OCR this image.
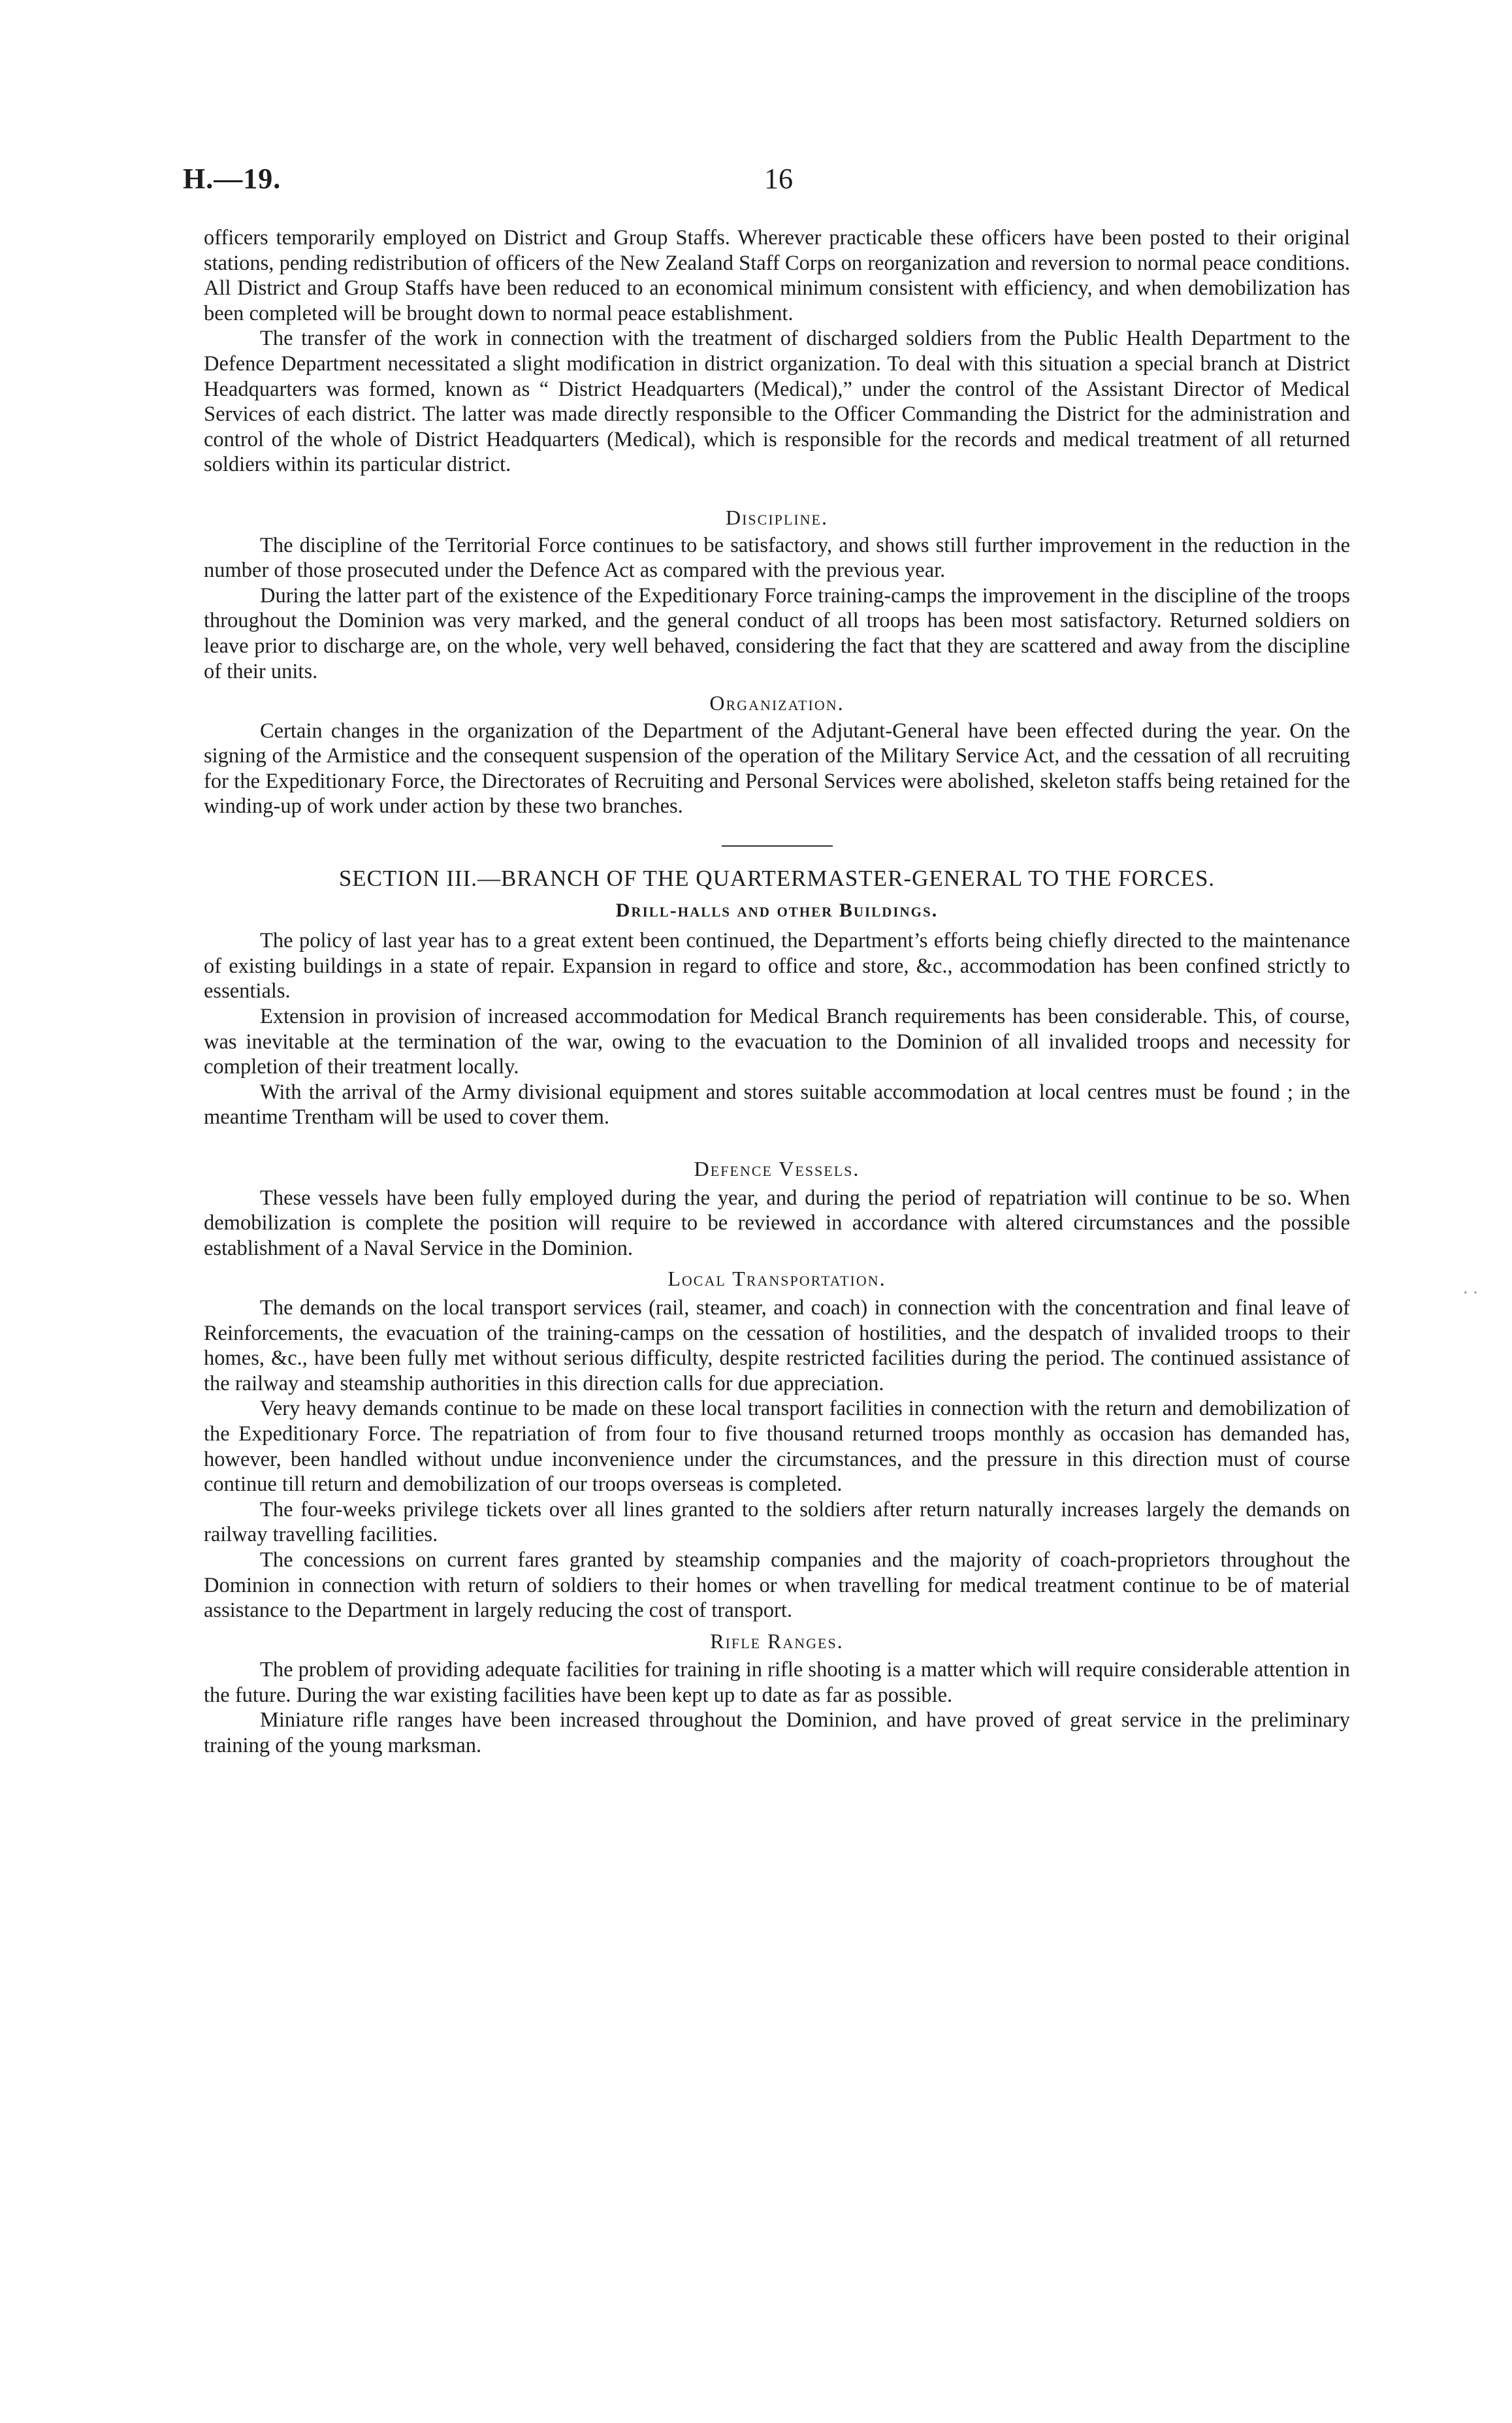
H.—19.	16
· ·

officers temporarily employed on District and Group Staffs. Wherever practicable these officers have been posted to their original stations, pending redistribution of officers of the New Zealand Staff Corps on reorganization and reversion to normal peace conditions. All District and Group Staffs have been reduced to an economical minimum consistent with efficiency, and when demobilization has been completed will be brought down to normal peace establishment.

The transfer of the work in connection with the treatment of discharged soldiers from the Public Health Department to the Defence Department necessitated a slight modification in district organization. To deal with this situation a special branch at District Headquarters was formed, known as “ District Headquarters (Medical),” under the control of the Assistant Director of Medical Services of each district. The latter was made directly responsible to the Officer Commanding the District for the administration and control of the whole of District Headquarters (Medical), which is responsible for the records and medical treatment of all returned soldiers within its particular district.

Discipline.

The discipline of the Territorial Force continues to be satisfactory, and shows still further improvement in the reduction in the number of those prosecuted under the Defence Act as compared with the previous year.

During the latter part of the existence of the Expeditionary Force training-camps the improvement in the discipline of the troops throughout the Dominion was very marked, and the general conduct of all troops has been most satisfactory. Returned soldiers on leave prior to discharge are, on the whole, very well behaved, considering the fact that they are scattered and away from the discipline of their units.

Organization.

Certain changes in the organization of the Department of the Adjutant-General have been effected during the year. On the signing of the Armistice and the consequent suspension of the operation of the Military Service Act, and the cessation of all recruiting for the Expeditionary Force, the Directorates of Recruiting and Personal Services were abolished, skeleton staffs being retained for the winding-up of work under action by these two branches.

SECTION III.—BRANCH OF THE QUARTERMASTER-GENERAL TO THE FORCES.
Drill-halls and other Buildings.

The policy of last year has to a great extent been continued, the Department’s efforts being chiefly directed to the maintenance of existing buildings in a state of repair. Expansion in regard to office and store, &c., accommodation has been confined strictly to essentials.

Extension in provision of increased accommodation for Medical Branch requirements has been considerable. This, of course, was inevitable at the termination of the war, owing to the evacuation to the Dominion of all invalided troops and necessity for completion of their treatment locally.

With the arrival of the Army divisional equipment and stores suitable accommodation at local centres must be found ; in the meantime Trentham will be used to cover them.

Defence Vessels.

These vessels have been fully employed during the year, and during the period of repatriation will continue to be so. When demobilization is complete the position will require to be reviewed in accordance with altered circumstances and the possible establishment of a Naval Service in the Dominion.

Local Transportation.

The demands on the local transport services (rail, steamer, and coach) in connection with the concentration and final leave of Reinforcements, the evacuation of the training-camps on the cessation of hostilities, and the despatch of invalided troops to their homes, &c., have been fully met without serious difficulty, despite restricted facilities during the period. The continued assistance of the railway and steamship authorities in this direction calls for due appreciation.

Very heavy demands continue to be made on these local transport facilities in connection with the return and demobilization of the Expeditionary Force. The repatriation of from four to five thousand returned troops monthly as occasion has demanded has, however, been handled without undue inconvenience under the circumstances, and the pressure in this direction must of course continue till return and demobilization of our troops overseas is completed.

The four-weeks privilege tickets over all lines granted to the soldiers after return naturally increases largely the demands on railway travelling facilities.

The concessions on current fares granted by steamship companies and the majority of coach-proprietors throughout the Dominion in connection with return of soldiers to their homes or when travelling for medical treatment continue to be of material assistance to the Department in largely reducing the cost of transport.

Rifle Ranges.

The problem of providing adequate facilities for training in rifle shooting is a matter which will require considerable attention in the future. During the war existing facilities have been kept up to date as far as possible.

Miniature rifle ranges have been increased throughout the Dominion, and have proved of great service in the preliminary training of the young marksman.
